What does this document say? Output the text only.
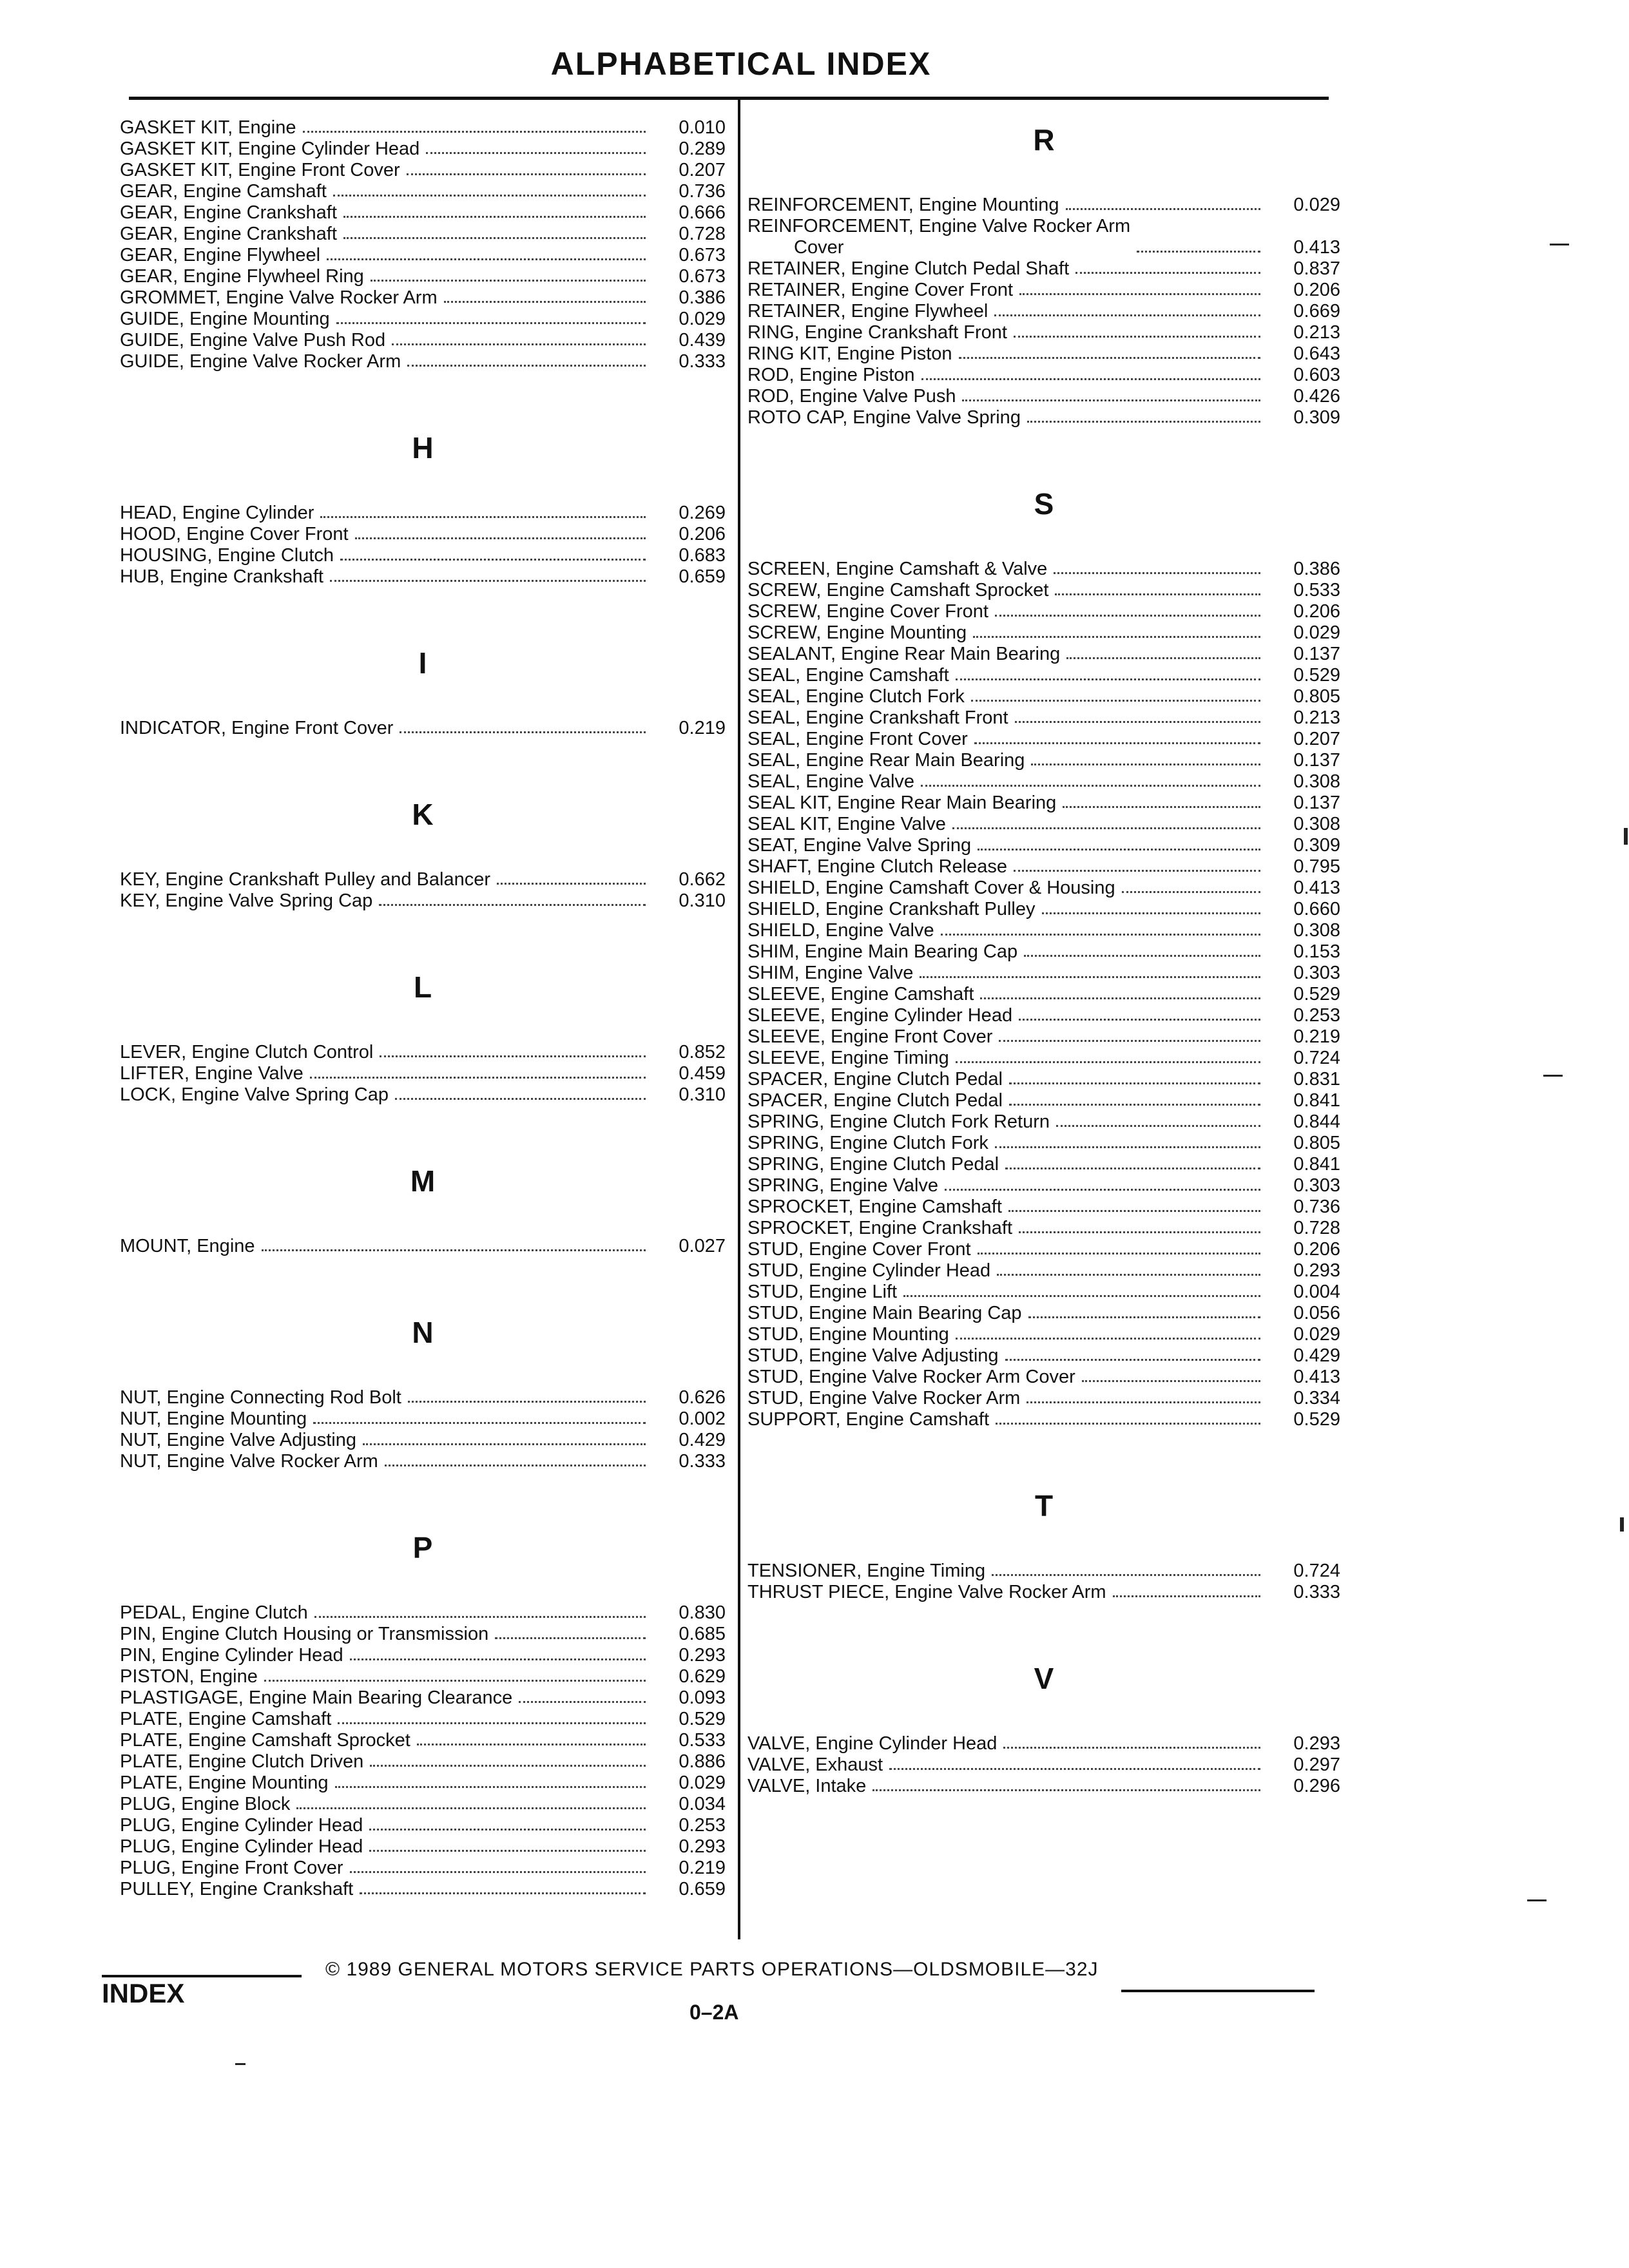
ALPHABETICAL INDEX
GASKET KIT, Engine	0.010
GASKET KIT, Engine Cylinder Head	0.289
GASKET KIT, Engine Front Cover	0.207
GEAR, Engine Camshaft	0.736
GEAR, Engine Crankshaft	0.666
GEAR, Engine Crankshaft	0.728
GEAR, Engine Flywheel	0.673
GEAR, Engine Flywheel Ring	0.673
GROMMET, Engine Valve Rocker Arm	0.386
GUIDE, Engine Mounting	0.029
GUIDE, Engine Valve Push Rod	0.439
GUIDE, Engine Valve Rocker Arm	0.333
H
HEAD, Engine Cylinder	0.269
HOOD, Engine Cover Front	0.206
HOUSING, Engine Clutch	0.683
HUB, Engine Crankshaft	0.659
I
INDICATOR, Engine Front Cover	0.219
K
KEY, Engine Crankshaft Pulley and Balancer	0.662
KEY, Engine Valve Spring Cap	0.310
L
LEVER, Engine Clutch Control	0.852
LIFTER, Engine Valve	0.459
LOCK, Engine Valve Spring Cap	0.310
M
MOUNT, Engine	0.027
N
NUT, Engine Connecting Rod Bolt	0.626
NUT, Engine Mounting	0.002
NUT, Engine Valve Adjusting	0.429
NUT, Engine Valve Rocker Arm	0.333
P
PEDAL, Engine Clutch	0.830
PIN, Engine Clutch Housing or Transmission	0.685
PIN, Engine Cylinder Head	0.293
PISTON, Engine	0.629
PLASTIGAGE, Engine Main Bearing Clearance	0.093
PLATE, Engine Camshaft	0.529
PLATE, Engine Camshaft Sprocket	0.533
PLATE, Engine Clutch Driven	0.886
PLATE, Engine Mounting	0.029
PLUG, Engine Block	0.034
PLUG, Engine Cylinder Head	0.253
PLUG, Engine Cylinder Head	0.293
PLUG, Engine Front Cover	0.219
PULLEY, Engine Crankshaft	0.659
R
REINFORCEMENT, Engine Mounting	0.029
REINFORCEMENT, Engine Valve Rocker Arm
Cover	0.413
RETAINER, Engine Clutch Pedal Shaft	0.837
RETAINER, Engine Cover Front	0.206
RETAINER, Engine Flywheel	0.669
RING, Engine Crankshaft Front	0.213
RING KIT, Engine Piston	0.643
ROD, Engine Piston	0.603
ROD, Engine Valve Push	0.426
ROTO CAP, Engine Valve Spring	0.309
S
SCREEN, Engine Camshaft & Valve	0.386
SCREW, Engine Camshaft Sprocket	0.533
SCREW, Engine Cover Front	0.206
SCREW, Engine Mounting	0.029
SEALANT, Engine Rear Main Bearing	0.137
SEAL, Engine Camshaft	0.529
SEAL, Engine Clutch Fork	0.805
SEAL, Engine Crankshaft Front	0.213
SEAL, Engine Front Cover	0.207
SEAL, Engine Rear Main Bearing	0.137
SEAL, Engine Valve	0.308
SEAL KIT, Engine Rear Main Bearing	0.137
SEAL KIT, Engine Valve	0.308
SEAT, Engine Valve Spring	0.309
SHAFT, Engine Clutch Release	0.795
SHIELD, Engine Camshaft Cover & Housing	0.413
SHIELD, Engine Crankshaft Pulley	0.660
SHIELD, Engine Valve	0.308
SHIM, Engine Main Bearing Cap	0.153
SHIM, Engine Valve	0.303
SLEEVE, Engine Camshaft	0.529
SLEEVE, Engine Cylinder Head	0.253
SLEEVE, Engine Front Cover	0.219
SLEEVE, Engine Timing	0.724
SPACER, Engine Clutch Pedal	0.831
SPACER, Engine Clutch Pedal	0.841
SPRING, Engine Clutch Fork Return	0.844
SPRING, Engine Clutch Fork	0.805
SPRING, Engine Clutch Pedal	0.841
SPRING, Engine Valve	0.303
SPROCKET, Engine Camshaft	0.736
SPROCKET, Engine Crankshaft	0.728
STUD, Engine Cover Front	0.206
STUD, Engine Cylinder Head	0.293
STUD, Engine Lift	0.004
STUD, Engine Main Bearing Cap	0.056
STUD, Engine Mounting	0.029
STUD, Engine Valve Adjusting	0.429
STUD, Engine Valve Rocker Arm Cover	0.413
STUD, Engine Valve Rocker Arm	0.334
SUPPORT, Engine Camshaft	0.529
T
TENSIONER, Engine Timing	0.724
THRUST PIECE, Engine Valve Rocker Arm	0.333
V
VALVE, Engine Cylinder Head	0.293
VALVE, Exhaust	0.297
VALVE, Intake	0.296
© 1989 GENERAL MOTORS SERVICE PARTS OPERATIONS—OLDSMOBILE—32J
INDEX
0–2A
